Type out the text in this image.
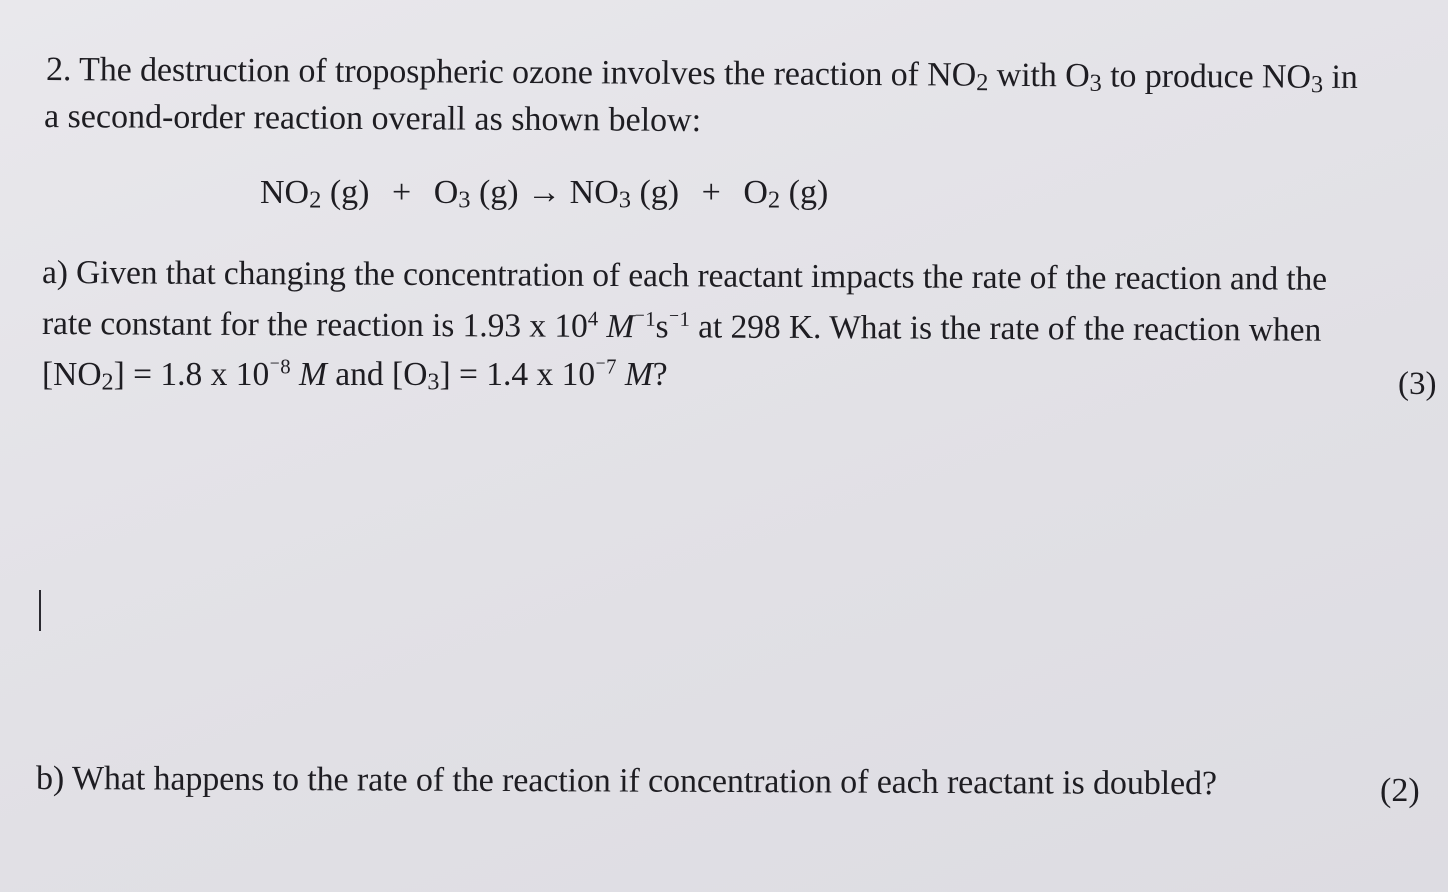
2. The destruction of tropospheric ozone involves the reaction of $NO_2$ with $O_3$ to produce $NO_3$ in
a second-order reaction overall as shown below:
$NO_2$ $(g) + O_3$ $(g) \to NO_3$ $(g) + O_2$ (g)
a) Given that changing the concentration of each reactant impacts the rate of the reaction and the
rate constant for the reaction is 1.93 x $10^4$ $M^{^-1}s^{^-1}$ at 298 K. What is the rate of the reaction when
$[NO_2] = 1.8$ x $10^{^-8}$ M and $[O_3] = 1.4$ x $10^{^-7}$ M?	(3)
b) What happens to the rate of the reaction if concentration of each reactant is doubled?	(2)
